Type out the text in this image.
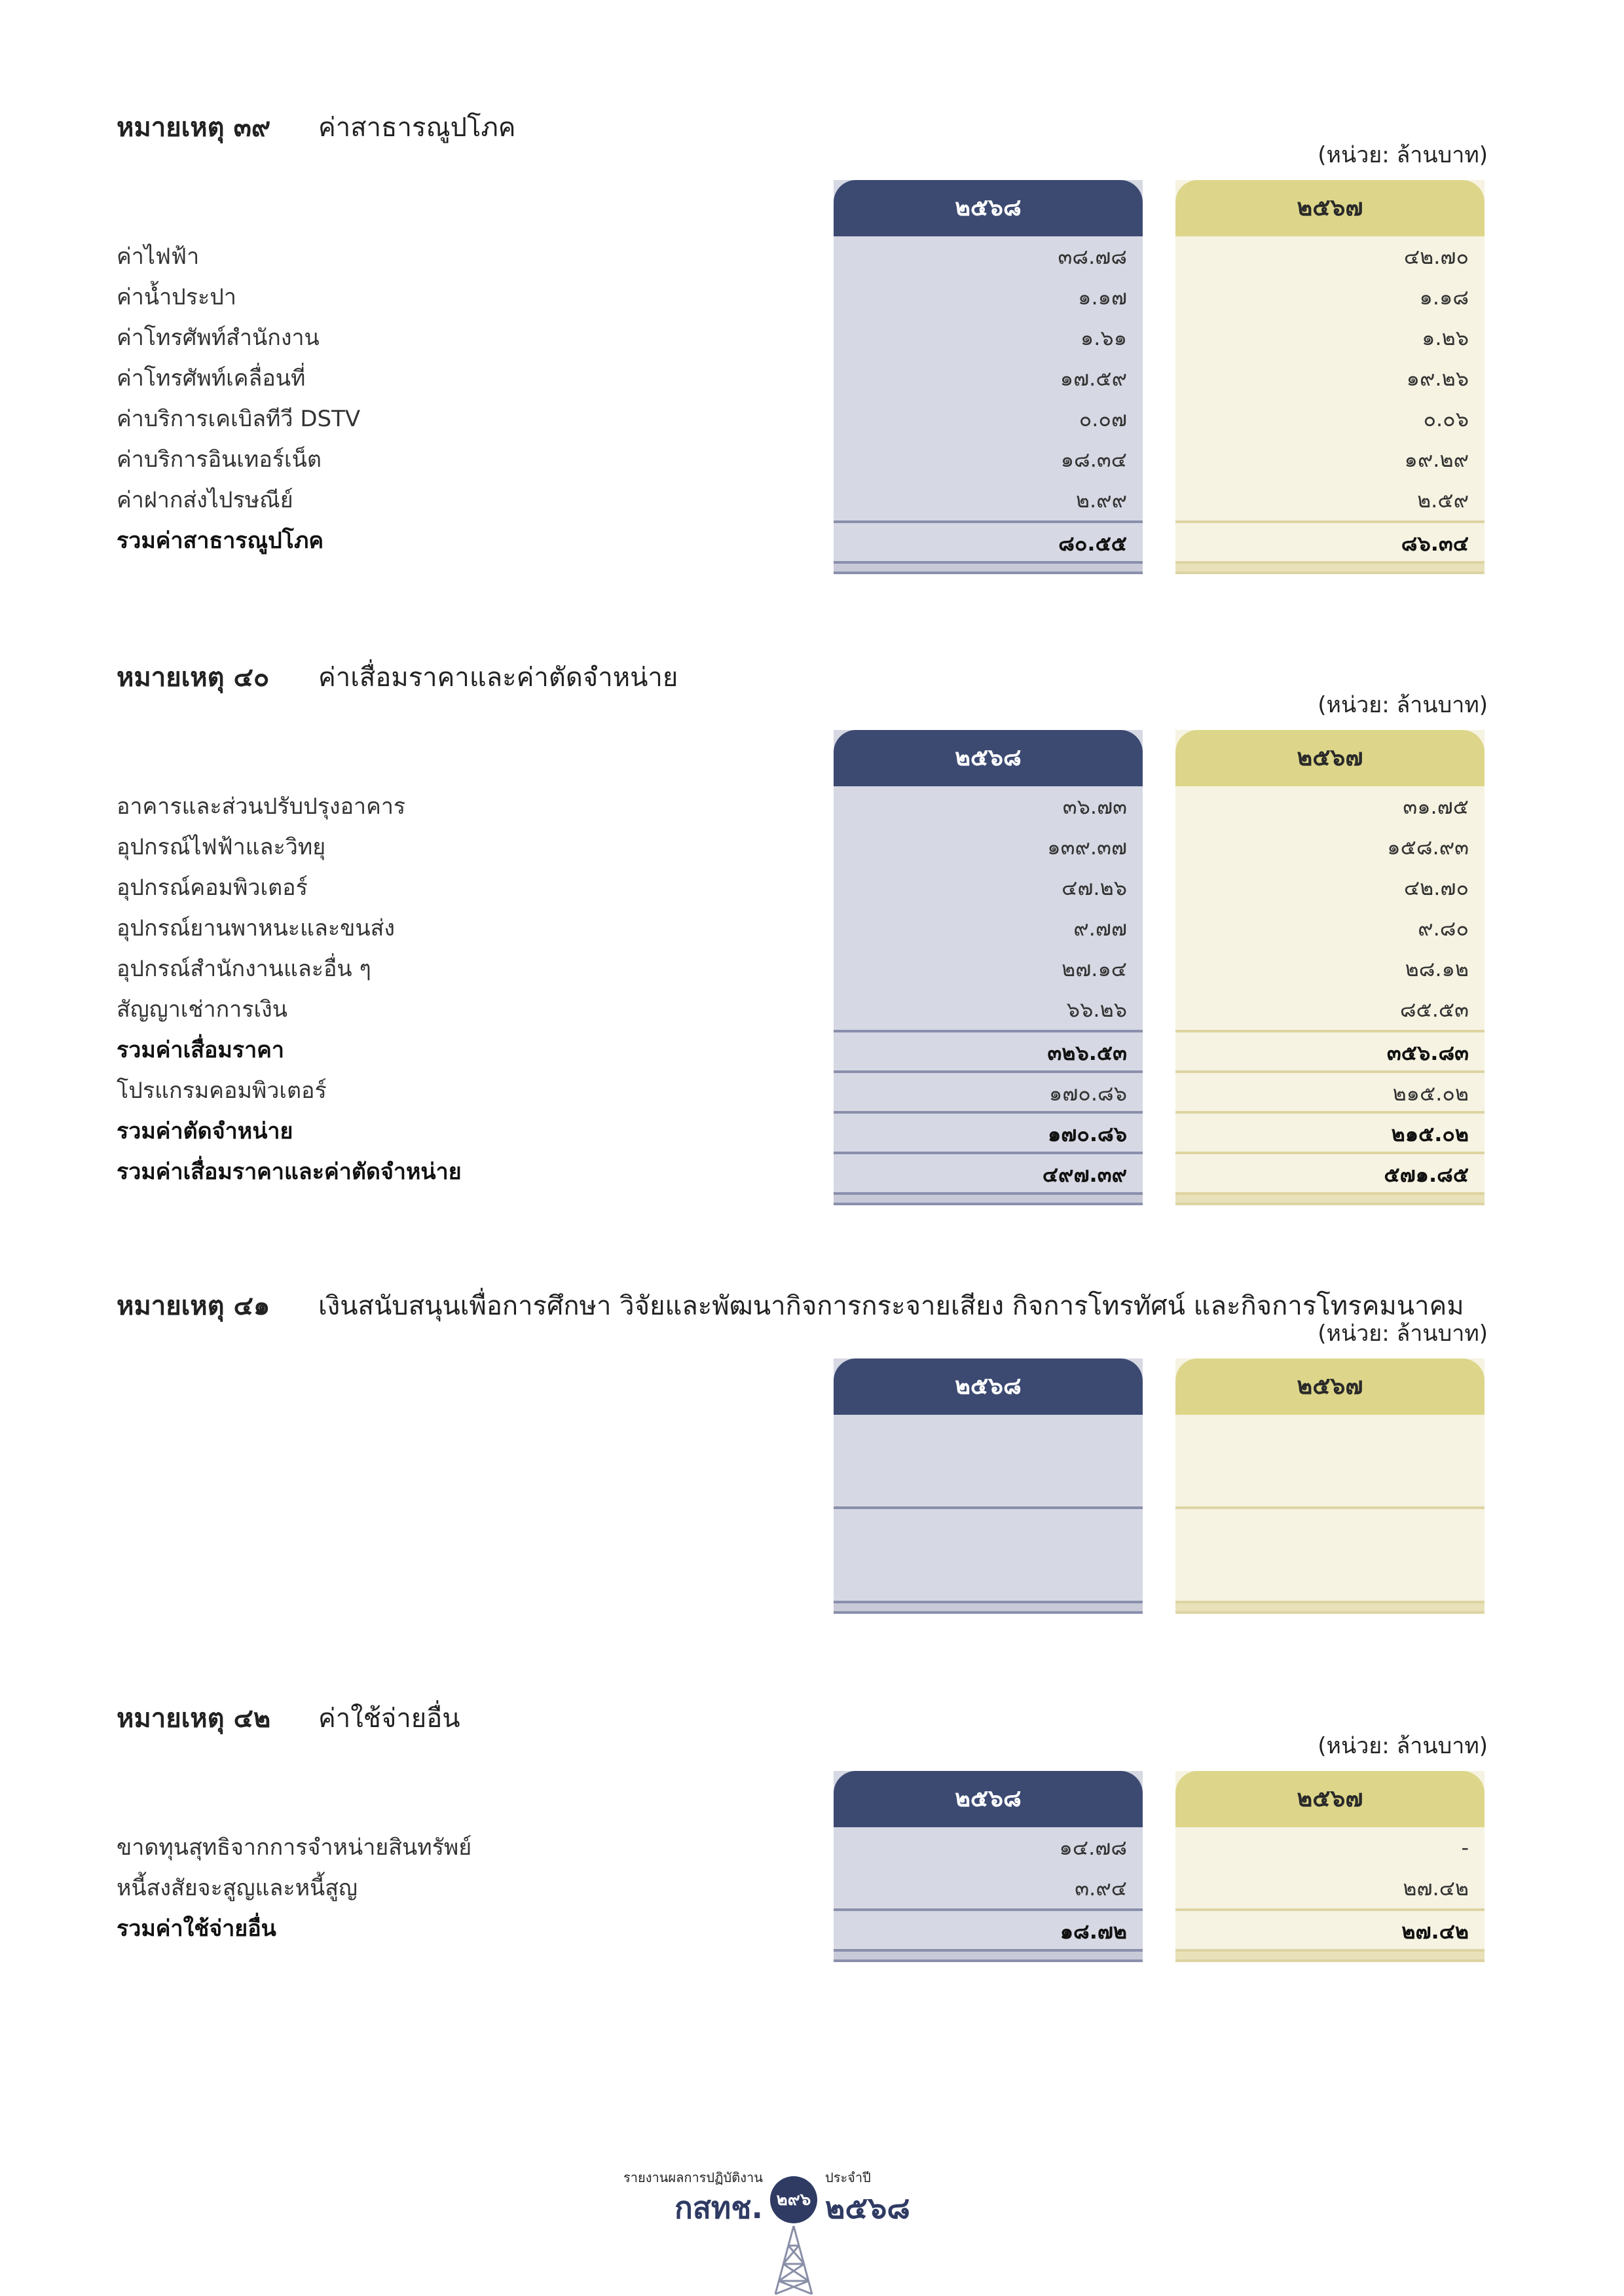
หมายเหตุ ๓๙ ค่าสาธารณูปโภค
(หน่วย: ล้านบาท)
ค่าไฟฟ้า
ค่าน้ำประปา
ค่าโทรศัพท์สำนักงาน
ค่าโทรศัพท์เคลื่อนที่
ค่าบริการเคเบิลทีวี DSTV
ค่าบริการอินเทอร์เน็ต
ค่าฝากส่งไปรษณีย์
รวมค่าสาธารณูปโภค
๒๕๖๘
๓๘.๗๘
๑.๑๗
๑.๖๑
๑๗.๕๙
๐.๐๗
๑๘.๓๔
๒.๙๙
๘๐.๕๕
๒๕๖๗
๔๒.๗๐
๑.๑๘
๑.๒๖
๑๙.๒๖
๐.๐๖
๑๙.๒๙
๒.๕๙
๘๖.๓๔
หมายเหตุ ๔๐ ค่าเสื่อมราคาและค่าตัดจำหน่าย
(หน่วย: ล้านบาท)
อาคารและส่วนปรับปรุงอาคาร
อุปกรณ์ไฟฟ้าและวิทยุ
อุปกรณ์คอมพิวเตอร์
อุปกรณ์ยานพาหนะและขนส่ง
อุปกรณ์สำนักงานและอื่น ๆ
สัญญาเช่าการเงิน
รวมค่าเสื่อมราคา
โปรแกรมคอมพิวเตอร์
รวมค่าตัดจำหน่าย
รวมค่าเสื่อมราคาและค่าตัดจำหน่าย
๒๕๖๘
๓๖.๗๓
๑๓๙.๓๗
๔๗.๒๖
๙.๗๗
๒๗.๑๔
๖๖.๒๖
๓๒๖.๕๓
๑๗๐.๘๖
๑๗๐.๘๖
๔๙๗.๓๙
๒๕๖๗
๓๑.๗๕
๑๕๘.๙๓
๔๒.๗๐
๙.๘๐
๒๘.๑๒
๘๕.๕๓
๓๕๖.๘๓
๒๑๕.๐๒
๒๑๕.๐๒
๕๗๑.๘๕
หมายเหตุ ๔๑ เงินสนับสนุนเพื่อการศึกษา วิจัยและพัฒนากิจการกระจายเสียง กิจการโทรทัศน์ และกิจการโทรคมนาคม
(หน่วย: ล้านบาท)
๒๕๖๘	๒๕๖๗
หมายเหตุ ๔๒ ค่าใช้จ่ายอื่น
(หน่วย: ล้านบาท)
ขาดทุนสุทธิจากการจำหน่ายสินทรัพย์
หนี้สงสัยจะสูญและหนี้สูญ
รวมค่าใช้จ่ายอื่น
๒๕๖๘
๑๔.๗๘
๓.๙๔
๑๘.๗๒
๒๕๖๗
-
๒๗.๔๒
๒๗.๔๒
รายงานผลการปฏิบัติงาน
กสทช. ๒๙๖
ประจำปี
๒๕๖๘
